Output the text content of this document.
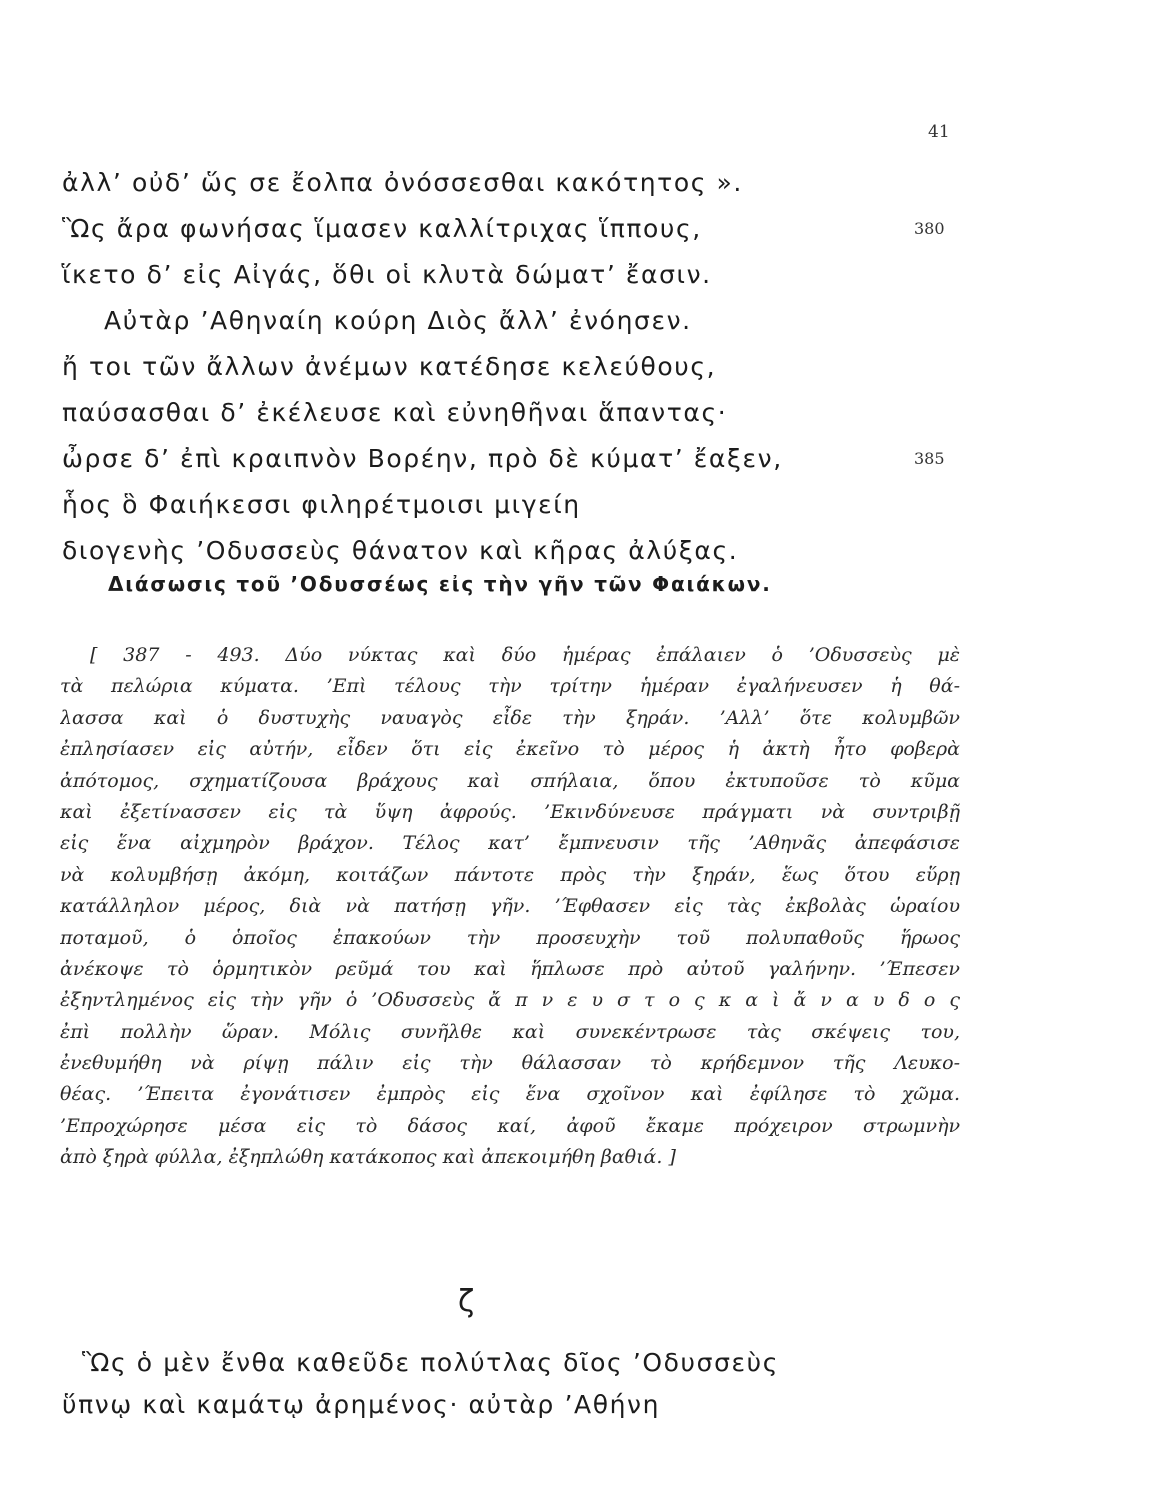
41
ἀλλ’ οὐδ’ ὥς σε ἔολπα ὀνόσσεσθαι κακότητος ».
Ὣς ἄρα φωνήσας ἵμασεν καλλίτριχας ἵππους,	380
ἵκετο δ’ εἰς Αἰγάς, ὅθι οἱ κλυτὰ δώματ’ ἔασιν.
Αὐτὰρ ’Αθηναίη κούρη Διὸς ἄλλ’ ἐνόησεν.
ἤ τοι τῶν ἄλλων ἀνέμων κατέδησε κελεύθους,
παύσασθαι δ’ ἐκέλευσε καὶ εὐνηθῆναι ἅπαντας·
ὦρσε δ’ ἐπὶ κραιπνὸν Βορέην, πρὸ δὲ κύματ’ ἔαξεν,	385
ἧος ὃ Φαιήκεσσι φιληρέτμοισι μιγείη
διογενὴς ’Οδυσσεὺς θάνατον καὶ κῆρας ἀλύξας.
Διάσωσις τοῦ ’Οδυσσέως εἰς τὴν γῆν τῶν Φαιάκων.
[ 387 - 493. Δύο νύκτας καὶ δύο ἡμέρας ἐπάλαιεν ὁ ’Οδυσσεὺς μὲ
τὰ πελώρια κύματα. ’Επὶ τέλους τὴν τρίτην ἡμέραν ἐγαλήνευσεν ἡ θά-
λασσα καὶ ὁ δυστυχὴς ναυαγὸς εἶδε τὴν ξηράν. ’Αλλ’ ὅτε κολυμβῶν
ἐπλησίασεν εἰς αὐτήν, εἶδεν ὅτι εἰς ἐκεῖνο τὸ μέρος ἡ ἀκτὴ ἦτο φοβερὰ
ἀπότομος, σχηματίζουσα βράχους καὶ σπήλαια, ὅπου ἐκτυποῦσε τὸ κῦμα
καὶ ἐξετίνασσεν εἰς τὰ ὕψη ἀφρούς. ’Εκινδύνευσε πράγματι νὰ συντριβῇ
εἰς ἕνα αἰχμηρὸν βράχον. Τέλος κατ’ ἔμπνευσιν τῆς ’Αθηνᾶς ἀπεφάσισε
νὰ κολυμβήσῃ ἀκόμη, κοιτάζων πάντοτε πρὸς τὴν ξηράν, ἕως ὅτου εὕρῃ
κατάλληλον μέρος, διὰ νὰ πατήσῃ γῆν. ’Έφθασεν εἰς τὰς ἐκβολὰς ὡραίου
ποταμοῦ, ὁ ὁποῖος ἐπακούων τὴν προσευχὴν τοῦ πολυπαθοῦς ἥρωος
ἀνέκοψε τὸ ὁρμητικὸν ρεῦμά του καὶ ἥπλωσε πρὸ αὐτοῦ γαλήνην. ’Έπεσεν
ἐξηντλημένος εἰς τὴν γῆν ὁ ’Οδυσσεὺς ἄ π ν ε υ σ τ ο ς κ α ὶ ἄ ν α υ δ ο ς
ἐπὶ πολλὴν ὥραν. Μόλις συνῆλθε καὶ συνεκέντρωσε τὰς σκέψεις του,
ἐνεθυμήθη νὰ ρίψῃ πάλιν εἰς τὴν θάλασσαν τὸ κρήδεμνον τῆς Λευκο-
θέας. ’Έπειτα ἐγονάτισεν ἐμπρὸς εἰς ἕνα σχοῖνον καὶ ἐφίλησε τὸ χῶμα.
’Επροχώρησε μέσα εἰς τὸ δάσος καί, ἀφοῦ ἔκαμε πρόχειρον στρωμνὴν
ἀπὸ ξηρὰ φύλλα, ἐξηπλώθη κατάκοπος καὶ ἀπεκοιμήθη βαθιά. ]
ζ
Ὣς ὁ μὲν ἔνθα καθεῦδε πολύτλας δῖος ’Οδυσσεὺς
ὕπνῳ καὶ καμάτῳ ἀρημένος· αὐτὰρ ’Αθήνη
